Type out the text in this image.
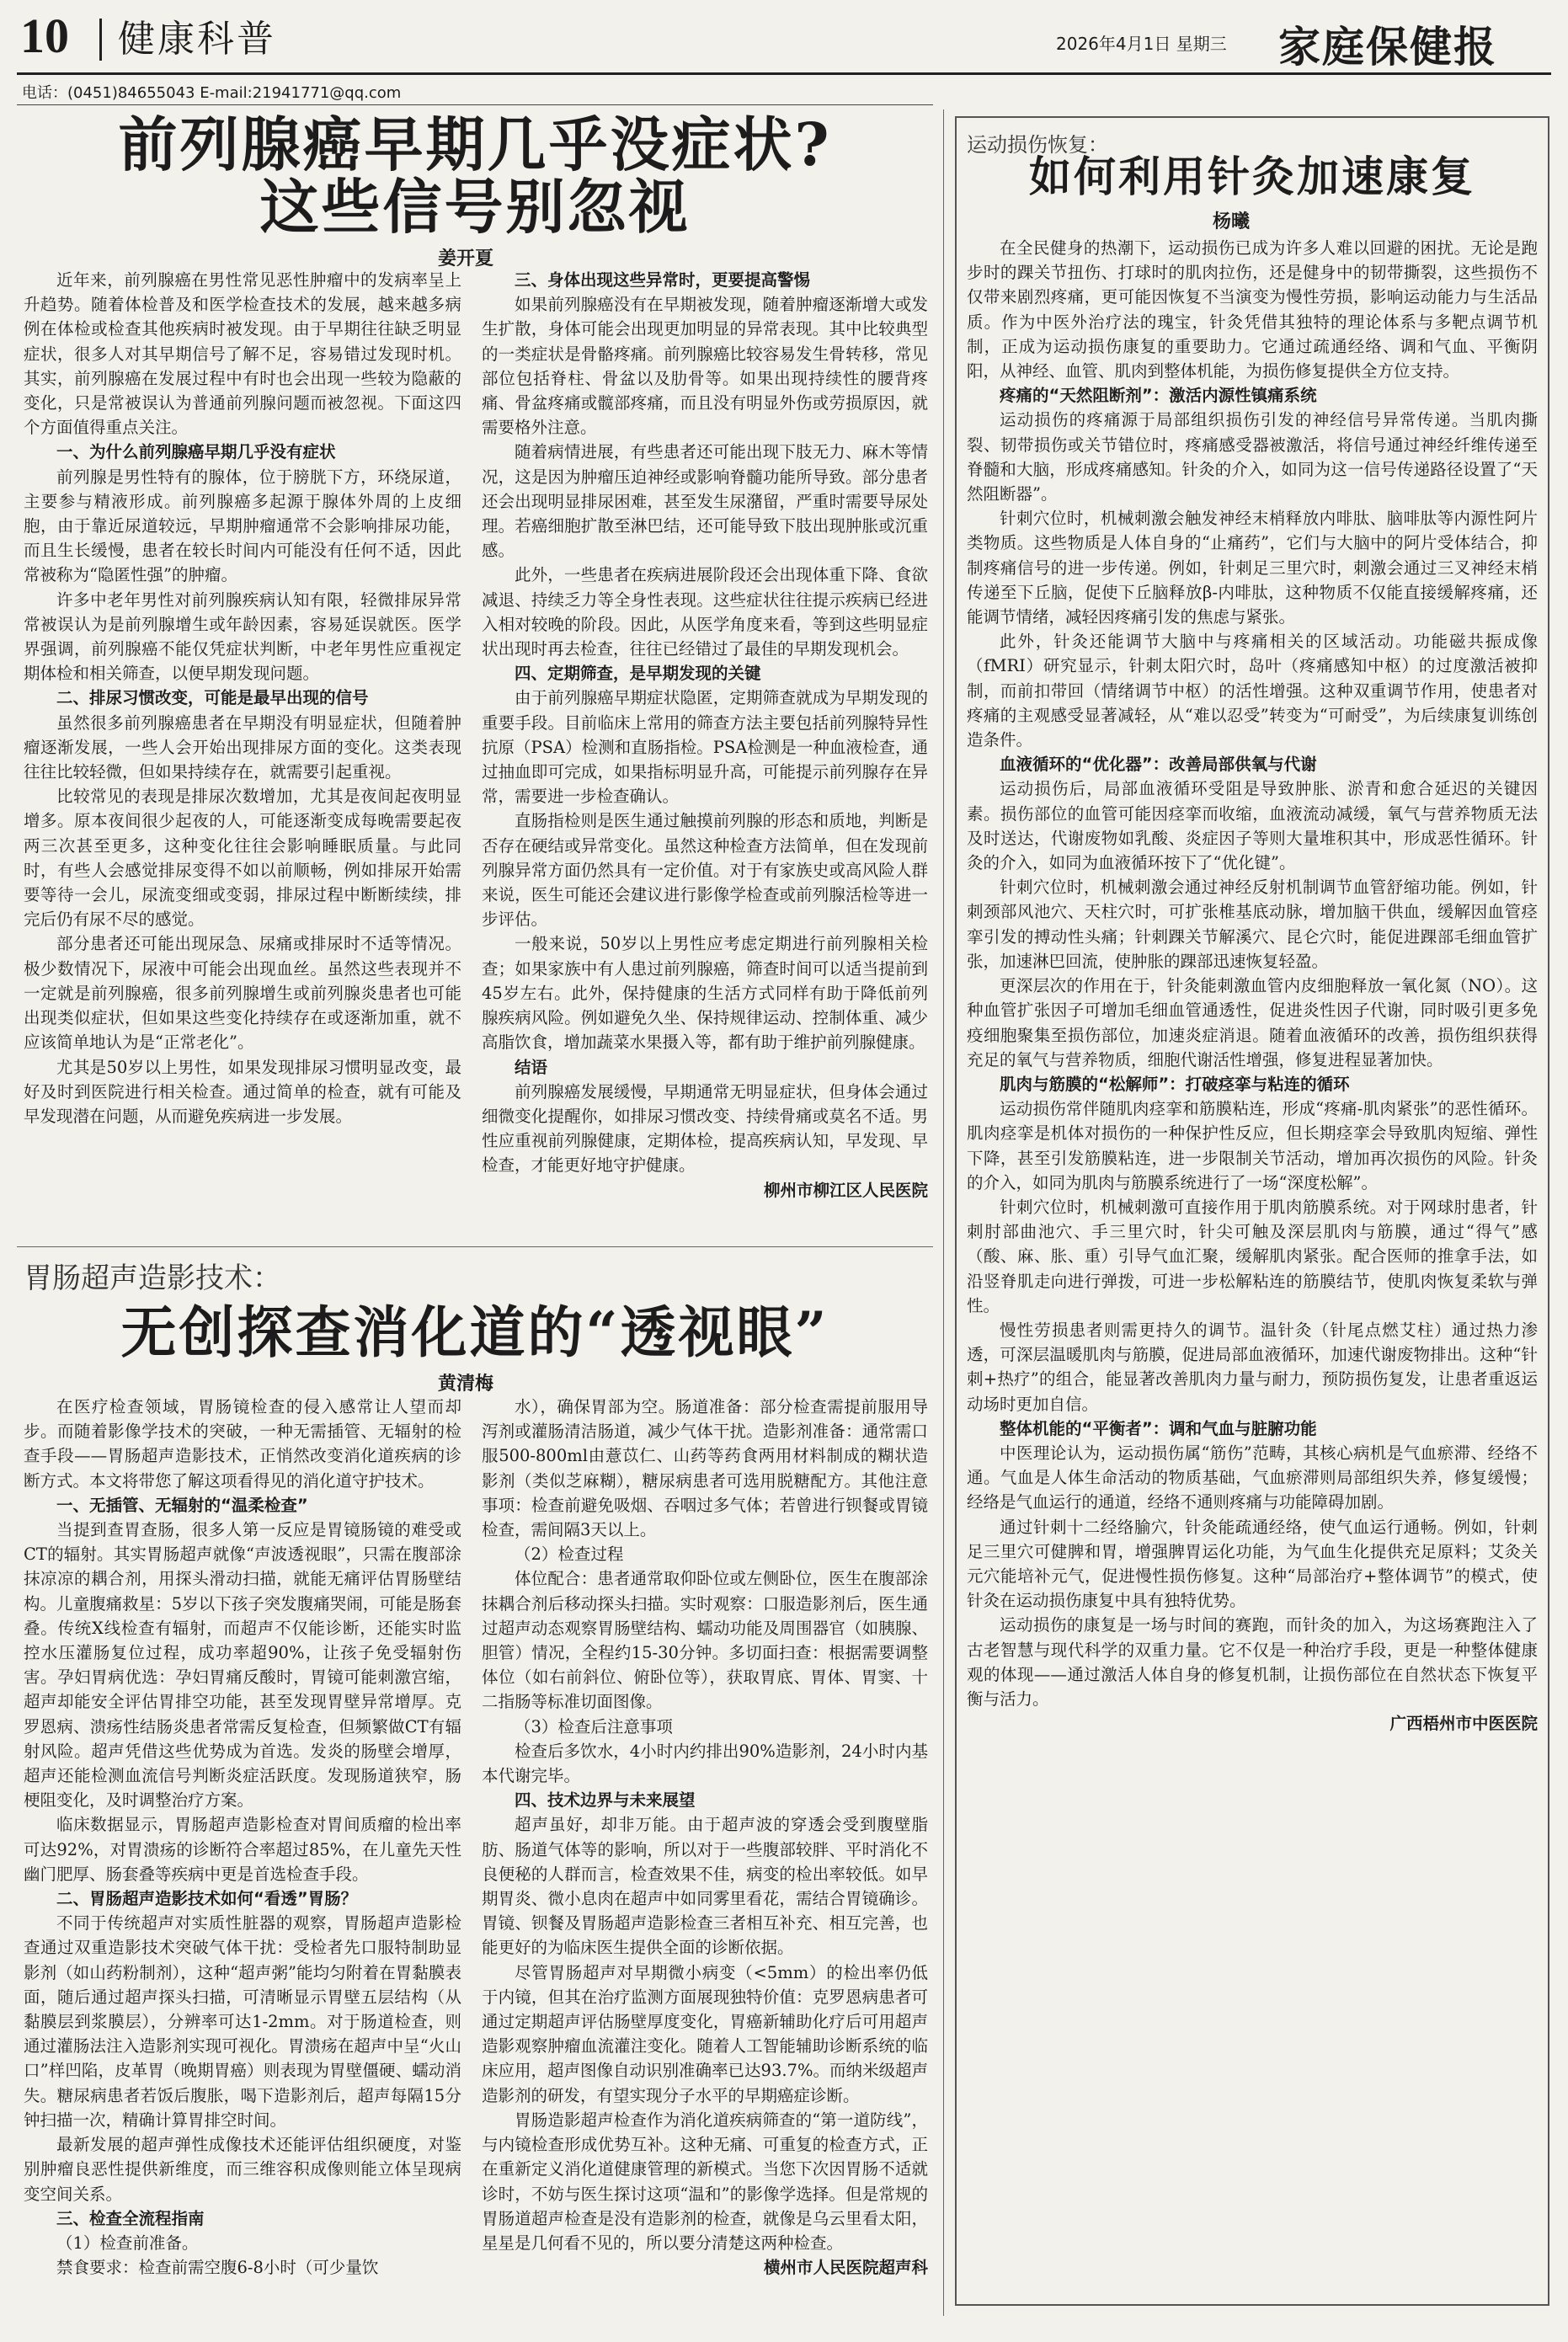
10 健康科普	2026年4月1日 星期三 家庭保健报
电话：(0451)84655043 E-mail:21941771@qq.com
前列腺癌早期几乎没症状?
这些信号别忽视
姜开夏

近年来，前列腺癌在男性常见恶性肿瘤中的发病率呈上升趋势。随着体检普及和医学检查技术的发展，越来越多病例在体检或检查其他疾病时被发现。由于早期往往缺乏明显症状，很多人对其早期信号了解不足，容易错过发现时机。其实，前列腺癌在发展过程中有时也会出现一些较为隐蔽的变化，只是常被误认为普通前列腺问题而被忽视。下面这四个方面值得重点关注。

一、为什么前列腺癌早期几乎没有症状

前列腺是男性特有的腺体，位于膀胱下方，环绕尿道，主要参与精液形成。前列腺癌多起源于腺体外周的上皮细胞，由于靠近尿道较远，早期肿瘤通常不会影响排尿功能，而且生长缓慢，患者在较长时间内可能没有任何不适，因此常被称为“隐匿性强”的肿瘤。

许多中老年男性对前列腺疾病认知有限，轻微排尿异常常被误认为是前列腺增生或年龄因素，容易延误就医。医学界强调，前列腺癌不能仅凭症状判断，中老年男性应重视定期体检和相关筛查，以便早期发现问题。

二、排尿习惯改变，可能是最早出现的信号

虽然很多前列腺癌患者在早期没有明显症状，但随着肿瘤逐渐发展，一些人会开始出现排尿方面的变化。这类表现往往比较轻微，但如果持续存在，就需要引起重视。

比较常见的表现是排尿次数增加，尤其是夜间起夜明显增多。原本夜间很少起夜的人，可能逐渐变成每晚需要起夜两三次甚至更多，这种变化往往会影响睡眠质量。与此同时，有些人会感觉排尿变得不如以前顺畅，例如排尿开始需要等待一会儿，尿流变细或变弱，排尿过程中断断续续，排完后仍有尿不尽的感觉。

部分患者还可能出现尿急、尿痛或排尿时不适等情况。极少数情况下，尿液中可能会出现血丝。虽然这些表现并不一定就是前列腺癌，很多前列腺增生或前列腺炎患者也可能出现类似症状，但如果这些变化持续存在或逐渐加重，就不应该简单地认为是“正常老化”。

尤其是50岁以上男性，如果发现排尿习惯明显改变，最好及时到医院进行相关检查。通过简单的检查，就有可能及早发现潜在问题，从而避免疾病进一步发展。

三、身体出现这些异常时，更要提高警惕

如果前列腺癌没有在早期被发现，随着肿瘤逐渐增大或发生扩散，身体可能会出现更加明显的异常表现。其中比较典型的一类症状是骨骼疼痛。前列腺癌比较容易发生骨转移，常见部位包括脊柱、骨盆以及肋骨等。如果出现持续性的腰背疼痛、骨盆疼痛或髋部疼痛，而且没有明显外伤或劳损原因，就需要格外注意。

随着病情进展，有些患者还可能出现下肢无力、麻木等情况，这是因为肿瘤压迫神经或影响脊髓功能所导致。部分患者还会出现明显排尿困难，甚至发生尿潴留，严重时需要导尿处理。若癌细胞扩散至淋巴结，还可能导致下肢出现肿胀或沉重感。

此外，一些患者在疾病进展阶段还会出现体重下降、食欲减退、持续乏力等全身性表现。这些症状往往提示疾病已经进入相对较晚的阶段。因此，从医学角度来看，等到这些明显症状出现时再去检查，往往已经错过了最佳的早期发现机会。

四、定期筛查，是早期发现的关键

由于前列腺癌早期症状隐匿，定期筛查就成为早期发现的重要手段。目前临床上常用的筛查方法主要包括前列腺特异性抗原（PSA）检测和直肠指检。PSA检测是一种血液检查，通过抽血即可完成，如果指标明显升高，可能提示前列腺存在异常，需要进一步检查确认。

直肠指检则是医生通过触摸前列腺的形态和质地，判断是否存在硬结或异常变化。虽然这种检查方法简单，但在发现前列腺异常方面仍然具有一定价值。对于有家族史或高风险人群来说，医生可能还会建议进行影像学检查或前列腺活检等进一步评估。

一般来说，50岁以上男性应考虑定期进行前列腺相关检查；如果家族中有人患过前列腺癌，筛查时间可以适当提前到45岁左右。此外，保持健康的生活方式同样有助于降低前列腺疾病风险。例如避免久坐、保持规律运动、控制体重、减少高脂饮食，增加蔬菜水果摄入等，都有助于维护前列腺健康。

结语

前列腺癌发展缓慢，早期通常无明显症状，但身体会通过细微变化提醒你，如排尿习惯改变、持续骨痛或莫名不适。男性应重视前列腺健康，定期体检，提高疾病认知，早发现、早检查，才能更好地守护健康。

柳州市柳江区人民医院

胃肠超声造影技术：
无创探查消化道的“透视眼”
黄清梅

在医疗检查领域，胃肠镜检查的侵入感常让人望而却步。而随着影像学技术的突破，一种无需插管、无辐射的检查手段——胃肠超声造影技术，正悄然改变消化道疾病的诊断方式。本文将带您了解这项看得见的消化道守护技术。

一、无插管、无辐射的“温柔检查”

当提到查胃查肠，很多人第一反应是胃镜肠镜的难受或CT的辐射。其实胃肠超声就像“声波透视眼”，只需在腹部涂抹凉凉的耦合剂，用探头滑动扫描，就能无痛评估胃肠壁结构。儿童腹痛救星：5岁以下孩子突发腹痛哭闹，可能是肠套叠。传统X线检查有辐射，而超声不仅能诊断，还能实时监控水压灌肠复位过程，成功率超90%，让孩子免受辐射伤害。孕妇胃病优选：孕妇胃痛反酸时，胃镜可能刺激宫缩，超声却能安全评估胃排空功能，甚至发现胃壁异常增厚。克罗恩病、溃疡性结肠炎患者常需反复检查，但频繁做CT有辐射风险。超声凭借这些优势成为首选。发炎的肠壁会增厚，超声还能检测血流信号判断炎症活跃度。发现肠道狭窄，肠梗阻变化，及时调整治疗方案。

临床数据显示，胃肠超声造影检查对胃间质瘤的检出率可达92%，对胃溃疡的诊断符合率超过85%，在儿童先天性幽门肥厚、肠套叠等疾病中更是首选检查手段。

二、胃肠超声造影技术如何“看透”胃肠？

不同于传统超声对实质性脏器的观察，胃肠超声造影检查通过双重造影技术突破气体干扰：受检者先口服特制助显影剂（如山药粉制剂），这种“超声粥”能均匀附着在胃黏膜表面，随后通过超声探头扫描，可清晰显示胃壁五层结构（从黏膜层到浆膜层），分辨率可达1-2mm。对于肠道检查，则通过灌肠法注入造影剂实现可视化。胃溃疡在超声中呈“火山口”样凹陷，皮革胃（晚期胃癌）则表现为胃壁僵硬、蠕动消失。糖尿病患者若饭后腹胀，喝下造影剂后，超声每隔15分钟扫描一次，精确计算胃排空时间。

最新发展的超声弹性成像技术还能评估组织硬度，对鉴别肿瘤良恶性提供新维度，而三维容积成像则能立体呈现病变空间关系。

三、检查全流程指南

（1）检查前准备。

禁食要求：检查前需空腹6-8小时（可少量饮

水），确保胃部为空。肠道准备：部分检查需提前服用导泻剂或灌肠清洁肠道，减少气体干扰。造影剂准备：通常需口服500-800ml由薏苡仁、山药等药食两用材料制成的糊状造影剂（类似芝麻糊），糖尿病患者可选用脱糖配方。其他注意事项：检查前避免吸烟、吞咽过多气体；若曾进行钡餐或胃镜检查，需间隔3天以上。

（2）检查过程

体位配合：患者通常取仰卧位或左侧卧位，医生在腹部涂抹耦合剂后移动探头扫描。实时观察：口服造影剂后，医生通过超声动态观察胃肠壁结构、蠕动功能及周围器官（如胰腺、胆管）情况，全程约15-30分钟。多切面扫查：根据需要调整体位（如右前斜位、俯卧位等），获取胃底、胃体、胃窦、十二指肠等标准切面图像。

（3）检查后注意事项

检查后多饮水，4小时内约排出90%造影剂，24小时内基本代谢完毕。

四、技术边界与未来展望

超声虽好，却非万能。由于超声波的穿透会受到腹壁脂肪、肠道气体等的影响，所以对于一些腹部较胖、平时消化不良便秘的人群而言，检查效果不佳，病变的检出率较低。如早期胃炎、微小息肉在超声中如同雾里看花，需结合胃镜确诊。胃镜、钡餐及胃肠超声造影检查三者相互补充、相互完善，也能更好的为临床医生提供全面的诊断依据。

尽管胃肠超声对早期微小病变（<5mm）的检出率仍低于内镜，但其在治疗监测方面展现独特价值：克罗恩病患者可通过定期超声评估肠壁厚度变化，胃癌新辅助化疗后可用超声造影观察肿瘤血流灌注变化。随着人工智能辅助诊断系统的临床应用，超声图像自动识别准确率已达93.7%。而纳米级超声造影剂的研发，有望实现分子水平的早期癌症诊断。

胃肠造影超声检查作为消化道疾病筛查的“第一道防线”，与内镜检查形成优势互补。这种无痛、可重复的检查方式，正在重新定义消化道健康管理的新模式。当您下次因胃肠不适就诊时，不妨与医生探讨这项“温和”的影像学选择。但是常规的胃肠道超声检查是没有造影剂的检查，就像是乌云里看太阳，星星是几何看不见的，所以要分清楚这两种检查。

横州市人民医院超声科

运动损伤恢复：
如何利用针灸加速康复
杨曦

在全民健身的热潮下，运动损伤已成为许多人难以回避的困扰。无论是跑步时的踝关节扭伤、打球时的肌肉拉伤，还是健身中的韧带撕裂，这些损伤不仅带来剧烈疼痛，更可能因恢复不当演变为慢性劳损，影响运动能力与生活品质。作为中医外治疗法的瑰宝，针灸凭借其独特的理论体系与多靶点调节机制，正成为运动损伤康复的重要助力。它通过疏通经络、调和气血、平衡阴阳，从神经、血管、肌肉到整体机能，为损伤修复提供全方位支持。

疼痛的“天然阻断剂”：激活内源性镇痛系统

运动损伤的疼痛源于局部组织损伤引发的神经信号异常传递。当肌肉撕裂、韧带损伤或关节错位时，疼痛感受器被激活，将信号通过神经纤维传递至脊髓和大脑，形成疼痛感知。针灸的介入，如同为这一信号传递路径设置了“天然阻断器”。

针刺穴位时，机械刺激会触发神经末梢释放内啡肽、脑啡肽等内源性阿片类物质。这些物质是人体自身的“止痛药”，它们与大脑中的阿片受体结合，抑制疼痛信号的进一步传递。例如，针刺足三里穴时，刺激会通过三叉神经末梢传递至下丘脑，促使下丘脑释放β-内啡肽，这种物质不仅能直接缓解疼痛，还能调节情绪，减轻因疼痛引发的焦虑与紧张。

此外，针灸还能调节大脑中与疼痛相关的区域活动。功能磁共振成像（fMRI）研究显示，针刺太阳穴时，岛叶（疼痛感知中枢）的过度激活被抑制，而前扣带回（情绪调节中枢）的活性增强。这种双重调节作用，使患者对疼痛的主观感受显著减轻，从“难以忍受”转变为“可耐受”，为后续康复训练创造条件。

血液循环的“优化器”：改善局部供氧与代谢

运动损伤后，局部血液循环受阻是导致肿胀、淤青和愈合延迟的关键因素。损伤部位的血管可能因痉挛而收缩，血液流动减缓，氧气与营养物质无法及时送达，代谢废物如乳酸、炎症因子等则大量堆积其中，形成恶性循环。针灸的介入，如同为血液循环按下了“优化键”。

针刺穴位时，机械刺激会通过神经反射机制调节血管舒缩功能。例如，针刺颈部风池穴、天柱穴时，可扩张椎基底动脉，增加脑干供血，缓解因血管痉挛引发的搏动性头痛；针刺踝关节解溪穴、昆仑穴时，能促进踝部毛细血管扩张，加速淋巴回流，使肿胀的踝部迅速恢复轻盈。

更深层次的作用在于，针灸能刺激血管内皮细胞释放一氧化氮（NO）。这种血管扩张因子可增加毛细血管通透性，促进炎性因子代谢，同时吸引更多免疫细胞聚集至损伤部位，加速炎症消退。随着血液循环的改善，损伤组织获得充足的氧气与营养物质，细胞代谢活性增强，修复进程显著加快。

肌肉与筋膜的“松解师”：打破痉挛与粘连的循环

运动损伤常伴随肌肉痉挛和筋膜粘连，形成“疼痛-肌肉紧张”的恶性循环。肌肉痉挛是机体对损伤的一种保护性反应，但长期痉挛会导致肌肉短缩、弹性下降，甚至引发筋膜粘连，进一步限制关节活动，增加再次损伤的风险。针灸的介入，如同为肌肉与筋膜系统进行了一场“深度松解”。

针刺穴位时，机械刺激可直接作用于肌肉筋膜系统。对于网球肘患者，针刺肘部曲池穴、手三里穴时，针尖可触及深层肌肉与筋膜，通过“得气”感（酸、麻、胀、重）引导气血汇聚，缓解肌肉紧张。配合医师的推拿手法，如沿竖脊肌走向进行弹拨，可进一步松解粘连的筋膜结节，使肌肉恢复柔软与弹性。

慢性劳损患者则需更持久的调节。温针灸（针尾点燃艾柱）通过热力渗透，可深层温暖肌肉与筋膜，促进局部血液循环，加速代谢废物排出。这种“针刺+热疗”的组合，能显著改善肌肉力量与耐力，预防损伤复发，让患者重返运动场时更加自信。

整体机能的“平衡者”：调和气血与脏腑功能

中医理论认为，运动损伤属“筋伤”范畴，其核心病机是气血瘀滞、经络不通。气血是人体生命活动的物质基础，气血瘀滞则局部组织失养，修复缓慢；经络是气血运行的通道，经络不通则疼痛与功能障碍加剧。

通过针刺十二经络腧穴，针灸能疏通经络，使气血运行通畅。例如，针刺足三里穴可健脾和胃，增强脾胃运化功能，为气血生化提供充足原料；艾灸关元穴能培补元气，促进慢性损伤修复。这种“局部治疗+整体调节”的模式，使针灸在运动损伤康复中具有独特优势。

运动损伤的康复是一场与时间的赛跑，而针灸的加入，为这场赛跑注入了古老智慧与现代科学的双重力量。它不仅是一种治疗手段，更是一种整体健康观的体现——通过激活人体自身的修复机制，让损伤部位在自然状态下恢复平衡与活力。

广西梧州市中医医院
